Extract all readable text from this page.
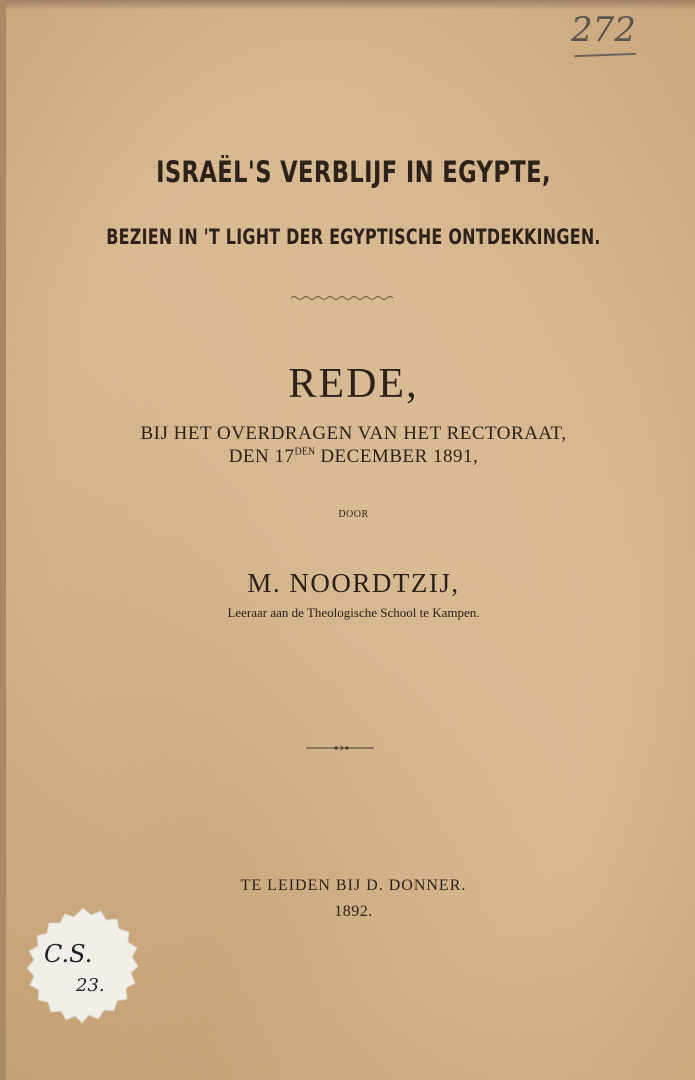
272
ISRAËL'S VERBLIJF IN EGYPTE,
BEZIEN IN 'T LIGHT DER EGYPTISCHE ONTDEKKINGEN.
REDE,
BIJ HET OVERDRAGEN VAN HET RECTORAAT,
DEN $17^{DEN}$ DECEMBER 1891,
DOOR
M. NOORDTZIJ,
Leeraar aan de Theologische School te Kampen.
TE LEIDEN BIJ D. DONNER.
1892.
C.S.
23.
